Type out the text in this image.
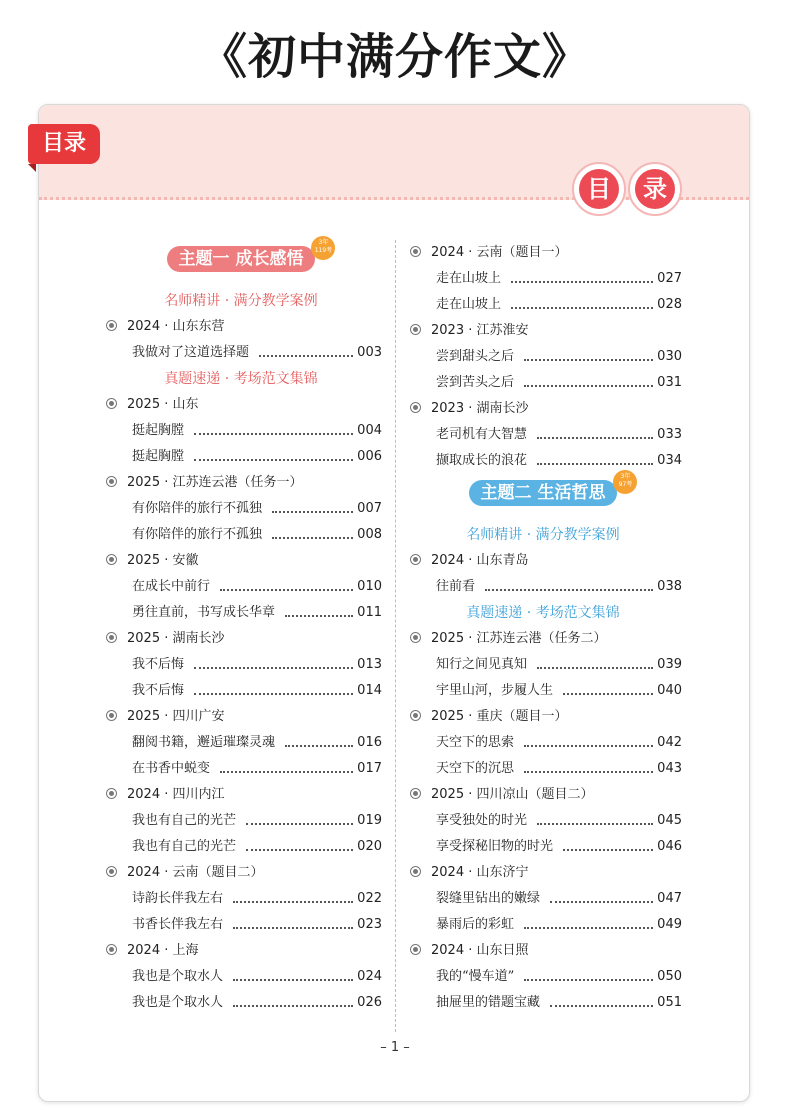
《初中满分作文》
目录
目	录
主题一 成长感悟
3年
119考
名师精讲 · 满分教学案例
2024 · 山东东营
我做对了这道选择题	003
真题速递 · 考场范文集锦
2025 · 山东
挺起胸膛	004
挺起胸膛	006
2025 · 江苏连云港（任务一）
有你陪伴的旅行不孤独	007
有你陪伴的旅行不孤独	008
2025 · 安徽
在成长中前行	010
勇往直前，书写成长华章	011
2025 · 湖南长沙
我不后悔	013
我不后悔	014
2025 · 四川广安
翻阅书籍，邂逅璀璨灵魂	016
在书香中蜕变	017
2024 · 四川内江
我也有自己的光芒	019
我也有自己的光芒	020
2024 · 云南（题目二）
诗韵长伴我左右	022
书香长伴我左右	023
2024 · 上海
我也是个取水人	024
我也是个取水人	026
2024 · 云南（题目一）
走在山坡上	027
走在山坡上	028
2023 · 江苏淮安
尝到甜头之后	030
尝到苦头之后	031
2023 · 湖南长沙
老司机有大智慧	033
撷取成长的浪花	034
主题二 生活哲思
3年
97考
名师精讲 · 满分教学案例
2024 · 山东青岛
往前看	038
真题速递 · 考场范文集锦
2025 · 江苏连云港（任务二）
知行之间见真知	039
宇里山河，步履人生	040
2025 · 重庆（题目一）
天空下的思索	042
天空下的沉思	043
2025 · 四川凉山（题目二）
享受独处的时光	045
享受探秘旧物的时光	046
2024 · 山东济宁
裂缝里钻出的嫩绿	047
暴雨后的彩虹	049
2024 · 山东日照
我的“慢车道”	050
抽屉里的错题宝藏	051
– 1 –
